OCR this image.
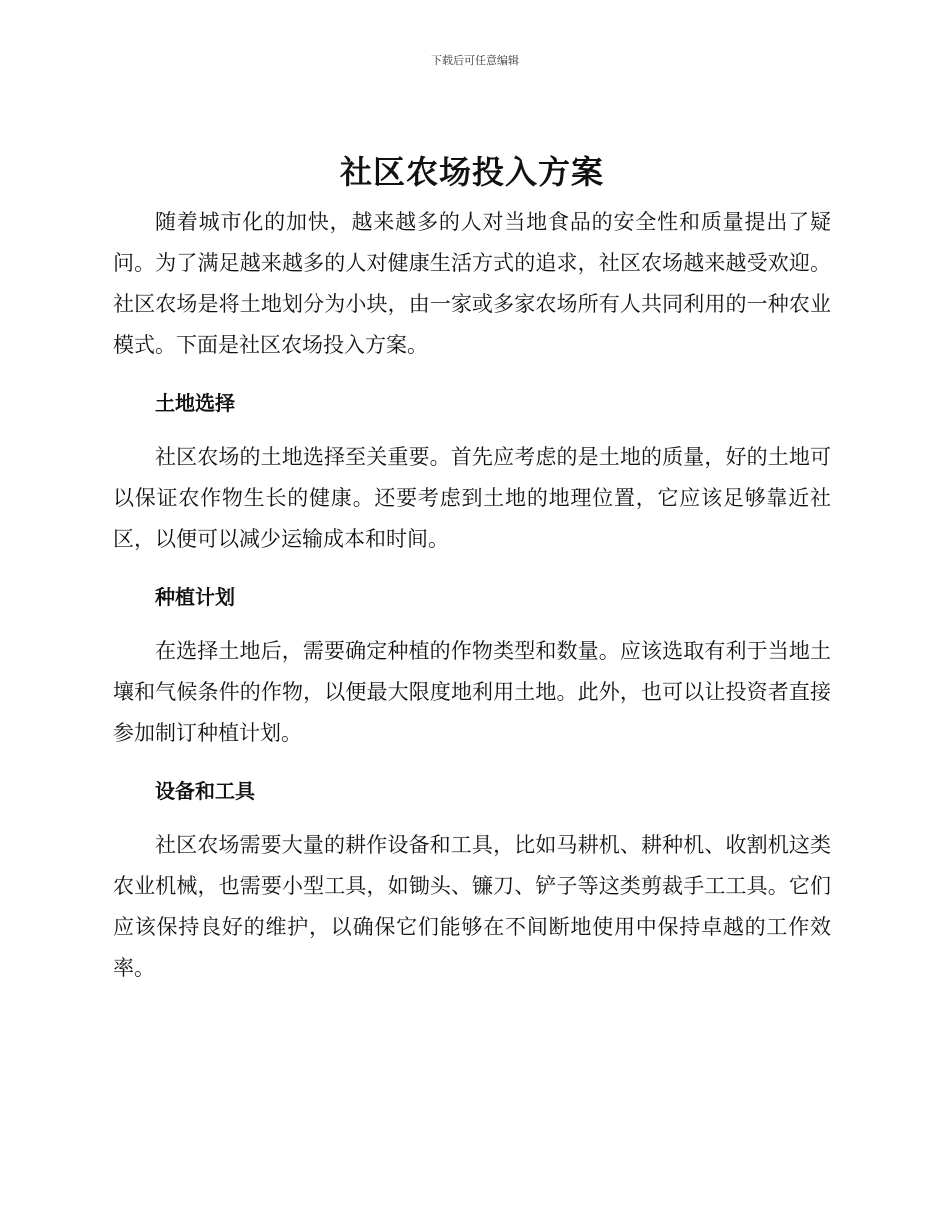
下载后可任意编辑
社区农场投入方案

随着城市化的加快，越来越多的人对当地食品的安全性和质量提出了疑问。为了满足越来越多的人对健康生活方式的追求，社区农场越来越受欢迎。社区农场是将土地划分为小块，由一家或多家农场所有人共同利用的一种农业模式。下面是社区农场投入方案。

土地选择

社区农场的土地选择至关重要。首先应考虑的是土地的质量，好的土地可以保证农作物生长的健康。还要考虑到土地的地理位置，它应该足够靠近社区，以便可以减少运输成本和时间。

种植计划

在选择土地后，需要确定种植的作物类型和数量。应该选取有利于当地土壤和气候条件的作物，以便最大限度地利用土地。此外，也可以让投资者直接参加制订种植计划。

设备和工具

社区农场需要大量的耕作设备和工具，比如马耕机、耕种机、收割机这类农业机械，也需要小型工具，如锄头、镰刀、铲子等这类剪裁手工工具。它们应该保持良好的维护，以确保它们能够在不间断地使用中保持卓越的工作效率。
